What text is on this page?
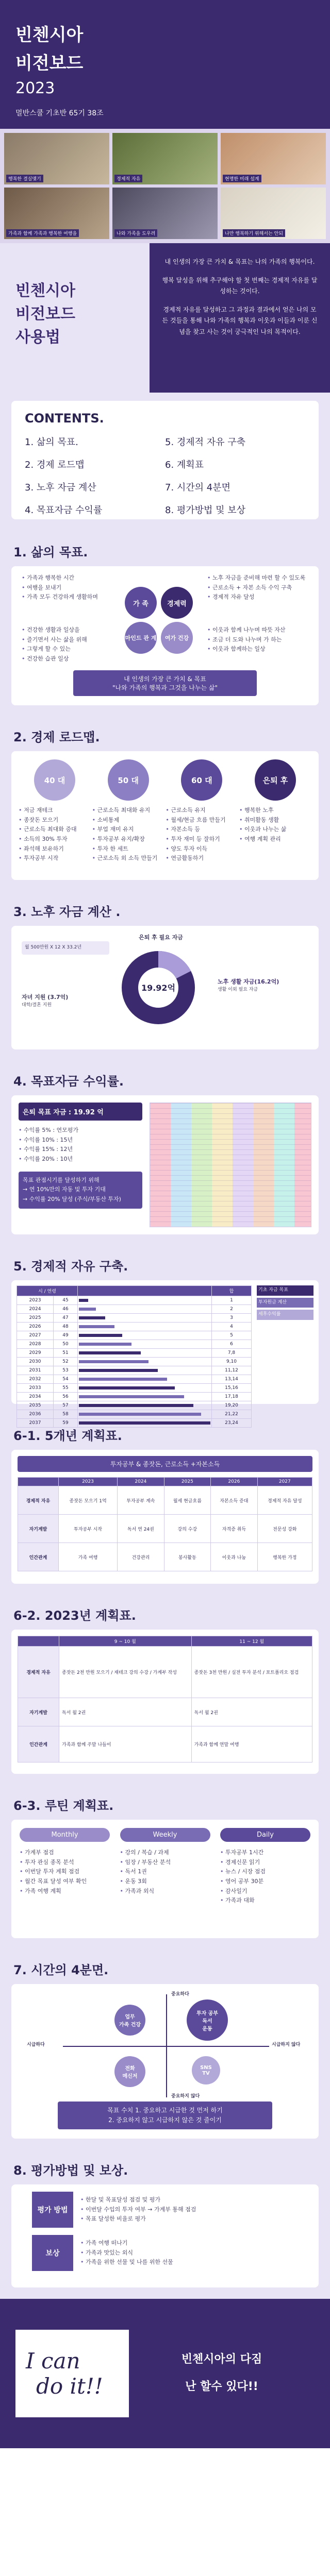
빈첸시아
비전보드
2023
멀반스쿨 기초반 65기 38조
행복한 결실맺기	경제적 자유	현명한 미래 설계
가족과 함께 가족과 행복한 여행을	나와 가족을 도우려	나만 행복하기 위해서는 안되
빈첸시아
비전보드
사용법

내 인생의 가장 큰 가치 & 목표는 나의 가족의 행복이다.

행복 달성을 위해 추구해야 할 첫 번째는 경제적 자유를 달성하는 것이다.

경제적 자유를 달성하고 그 과정과 결과에서 얻은 나의 모든 것들을 통해 나와 가족의 행복과 이웃과 이들과 이룬 신념을 찾고 사는 것이 궁극적인 나의 목적이다.

CONTENTS.
1. 삶의 목표.	5. 경제적 자유 구축
2. 경제 로드맵	6. 계획표
3. 노후 자금 계산	7. 시간의 4분면
4. 목표자금 수익률	8. 평가방법 및 보상
1. 삶의 목표.
• 가족과 행복한 시간
• 여행을 보내기
• 가족 모두 건강하게 생활하며
• 건강한 생활과 일상을
• 즐기면서 사는 삶을 위해
• 그렇게 할 수 있는
• 건강한 습관 일상
가 족	경제력
마인드 관 계	여가 건강
• 노후 자금을 준비해 마련 할 수 있도록
• 근로소득 + 자본 소득 수익 구축
• 경제적 자유 달성
• 이웃과 함께 나누며 따뜻 자산
• 조금 더 도와 나누며 가 하는
• 이웃과 함께하는 일상
내 인생의 가장 큰 가치 & 목표
"나와 가족의 행복과 그것을 나누는 삶"
2. 경제 로드맵.
40 대
• 저금 재테크
• 종잣돈 모으기
• 근로소득 최대화 증대
• 소득의 30% 투자
• 좌석해 보유하기
• 투자공부 시작
50 대
• 근로소득 최대화 유지
• 소비통제
• 부업 재미 유지
• 투자공부 유지/확장
• 투자 한 세트
• 근로소득 외 소득 만들기
60 대
• 근로소득 유지
• 월세/현금 흐름 만들기
• 자본소득 등
• 투자 재미 등 잘하기
• 양도 투자 이득
• 연금활동하기
은퇴 후
• 행복한 노후
• 취미활동 생활
• 이웃과 나누는 삶
• 여행 계획 관리
3. 노후 자금 계산 .
19.92억
은퇴 후 필요 자금
월 500만원 X 12 X 33.2년
자녀 지원 (3.7억)
대학/결혼 지원
노후 생활 자금(16.2억)
생활 이외 필요 자금
4. 목표자금 수익률.
은퇴 목표 자금 : 19.92 억
• 수익률 5% : 연모평가
• 수익률 10% : 15년
• 수익률 15% : 12년
• 수익률 20% : 10년
목표 관점시기를 달성하기 위해
→ 연 10%만의 자동 및 투자 기대
→ 수익률 20% 달성 (주식/부동산 투자)
5. 경제적 자유 구축.
시 / 연령			합
2023	45		1
2024	46		2
2025	47		3
2026	48		4
2027	49		5
2028	50		6
2029	51		7,8
2030	52		9,10
2031	53		11,12
2032	54		13,14
2033	55		15,16
2034	56		17,18
2035	57		19,20
2036	58		21,22
2037	59		23,24
기초 자금 목표
투자원금 계산
세후수익률
6-1. 5개년 계획표.
투자공부 & 종잣돈, 근로소득 +자본소득
	2023	2024	2025	2026	2027
경제적 자유	종잣돈 모으기 1억	투자공부 계속	월세 현금흐름	자본소득 증대	경제적 자유 달성
자기계발	투자공부 시작	독서 연 24권	강의 수강	자격증 취득	전문성 강화
인간관계	가족 여행	건강관리	봉사활동	이웃과 나눔	행복한 가정
6-2. 2023년 계획표.
	9 ~ 10 월	11 ~ 12 월
경제적 자유	종잣돈 2천 만원 모으기 / 재테크 강의 수강 / 가계부 작성	종잣돈 3천 만원 / 실전 투자 분석 / 포트폴리오 점검
자기계발	독서 월 2권	독서 월 2권
인간관계	가족과 함께 주말 나들이	가족과 함께 연말 여행
6-3. 루틴 계획표.
Monthly
• 가계부 점검
• 투자 관심 종목 분석
• 이번달 투자 계획 점검
• 월간 목표 달성 여부 확인
• 가족 여행 계획
Weekly
• 강의 / 복습 / 과제
• 임장 / 부동산 분석
• 독서 1권
• 운동 3회
• 가족과 외식
Daily
• 투자공부 1시간
• 경제신문 읽기
• 뉴스 / 시장 점검
• 영어 공부 30분
• 감사일기
• 가족과 대화
7. 시간의 4분면.
중요하다
중요하지 않다
시급하다	시급하지 않다
업무
가족 건강
투자 공부
독서
운동
전화
메신저
SNS
TV
목표 수치 1. 중요하고 시급한 것 먼저 하기
2. 중요하지 않고 시급하지 않은 것 줄이기
8. 평가방법 및 보상.
평가 방법
• 한달 및 목표달성 점검 및 평가
• 이번달 수입의 투자 여부 → 가계부 통해 점검
• 목표 달성한 비율로 평가
보상
• 가족 여행 떠나기
• 가족과 맛있는 외식
• 가족을 위한 선물 및 나를 위한 선물
I can
do it!!
빈첸시아의 다짐
난 할수 있다!!
